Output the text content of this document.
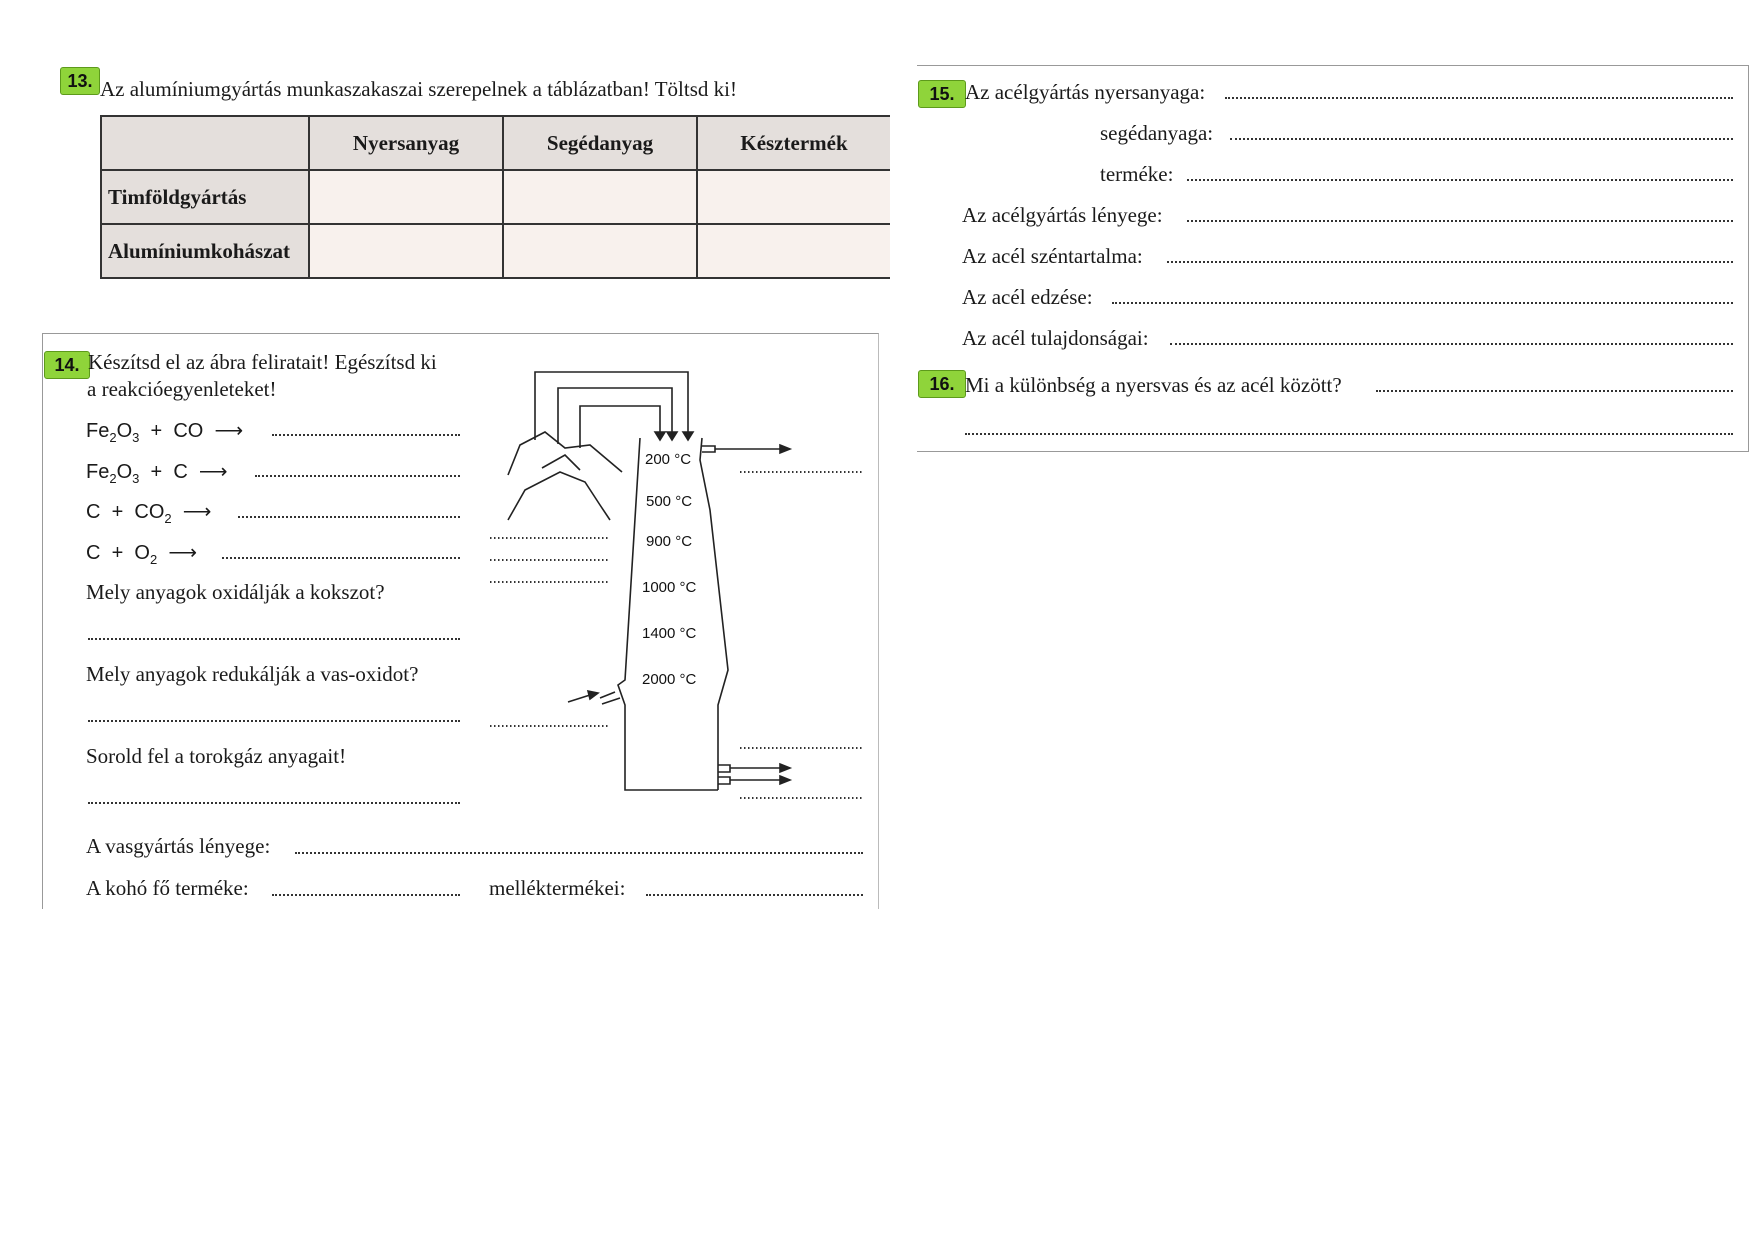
13. Az alumíniumgyártás munkaszakaszai szerepelnek a táblázatban! Töltsd ki!
	Nyersanyag	Segédanyag	Késztermék
Timföldgyártás			
Alumíniumkohászat			
14. Készítsd el az ábra feliratait! Egészítsd ki
a reakcióegyenleteket!
$Fe_2O_3$ + CO ⟶
$Fe_2O_3 + C$ ⟶
$C + CO_2$ ⟶
$C + O_2$ ⟶
Mely anyagok oxidálják a kokszot?
Mely anyagok redukálják a vas-oxidot?
Sorold fel a torokgáz anyagait!
A vasgyártás lényege:
A kohó fő terméke:	melléktermékei:
200 °C
500 °C
900 °C
1000 °C
1400 °C
2000 °C
15. Az acélgyártás nyersanyaga:
segédanyaga:
terméke:
Az acélgyártás lényege:
Az acél széntartalma:
Az acél edzése:
Az acél tulajdonságai:
16. Mi a különbség a nyersvas és az acél között?
